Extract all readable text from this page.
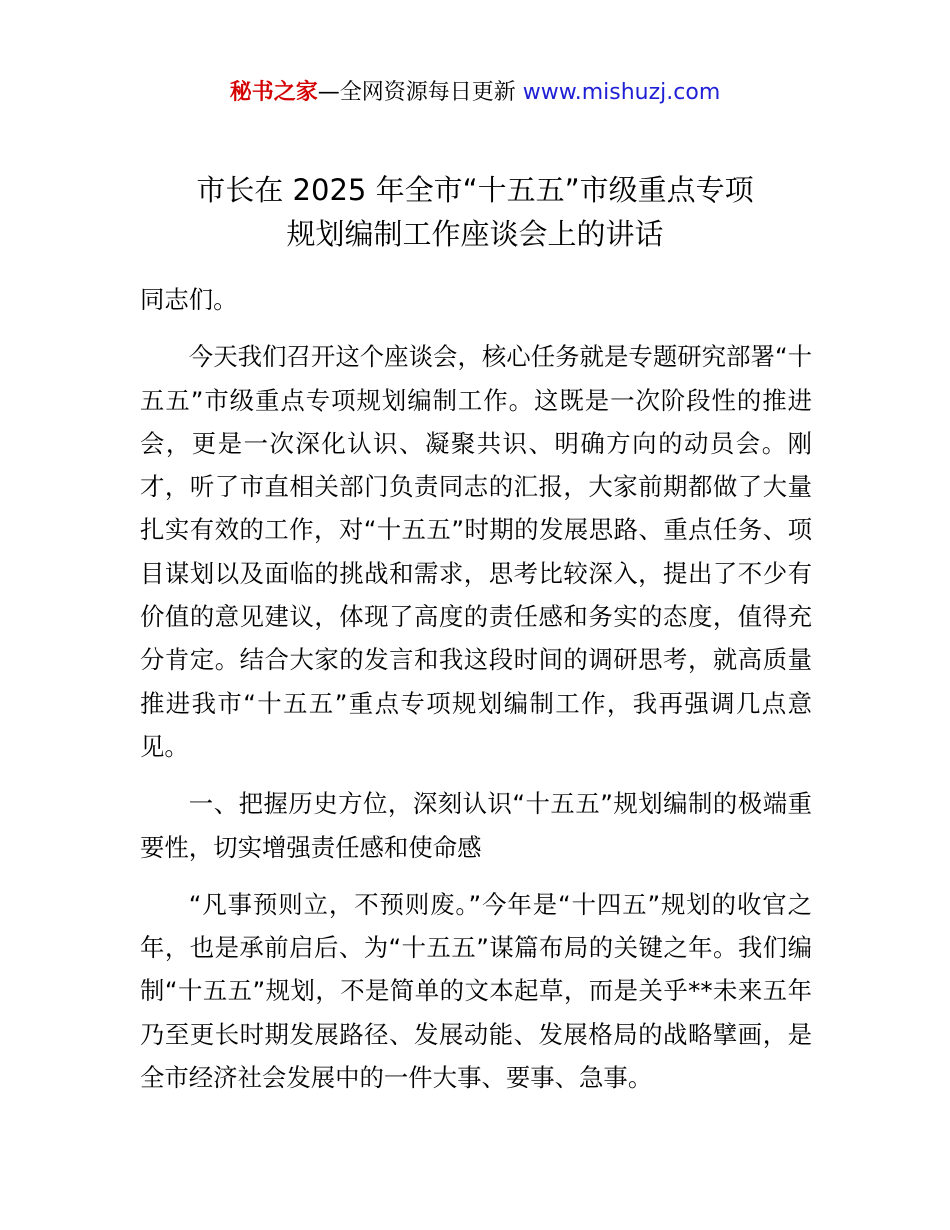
秘书之家—全网资源每日更新 www.mishuzj.com
市长在 2025 年全市“十五五”市级重点专项
规划编制工作座谈会上的讲话

同志们。

今天我们召开这个座谈会，核心任务就是专题研究部署“十五五”市级重点专项规划编制工作。这既是一次阶段性的推进会，更是一次深化认识、凝聚共识、明确方向的动员会。刚才，听了市直相关部门负责同志的汇报，大家前期都做了大量扎实有效的工作，对“十五五”时期的发展思路、重点任务、项目谋划以及面临的挑战和需求，思考比较深入，提出了不少有价值的意见建议，体现了高度的责任感和务实的态度，值得充分肯定。结合大家的发言和我这段时间的调研思考，就高质量推进我市“十五五”重点专项规划编制工作，我再强调几点意见。

一、把握历史方位，深刻认识“十五五”规划编制的极端重要性，切实增强责任感和使命感

“凡事预则立，不预则废。”今年是“十四五”规划的收官之年，也是承前启后、为“十五五”谋篇布局的关键之年。我们编制“十五五”规划，不是简单的文本起草，而是关乎**未来五年乃至更长时期发展路径、发展动能、发展格局的战略擘画，是全市经济社会发展中的一件大事、要事、急事。
